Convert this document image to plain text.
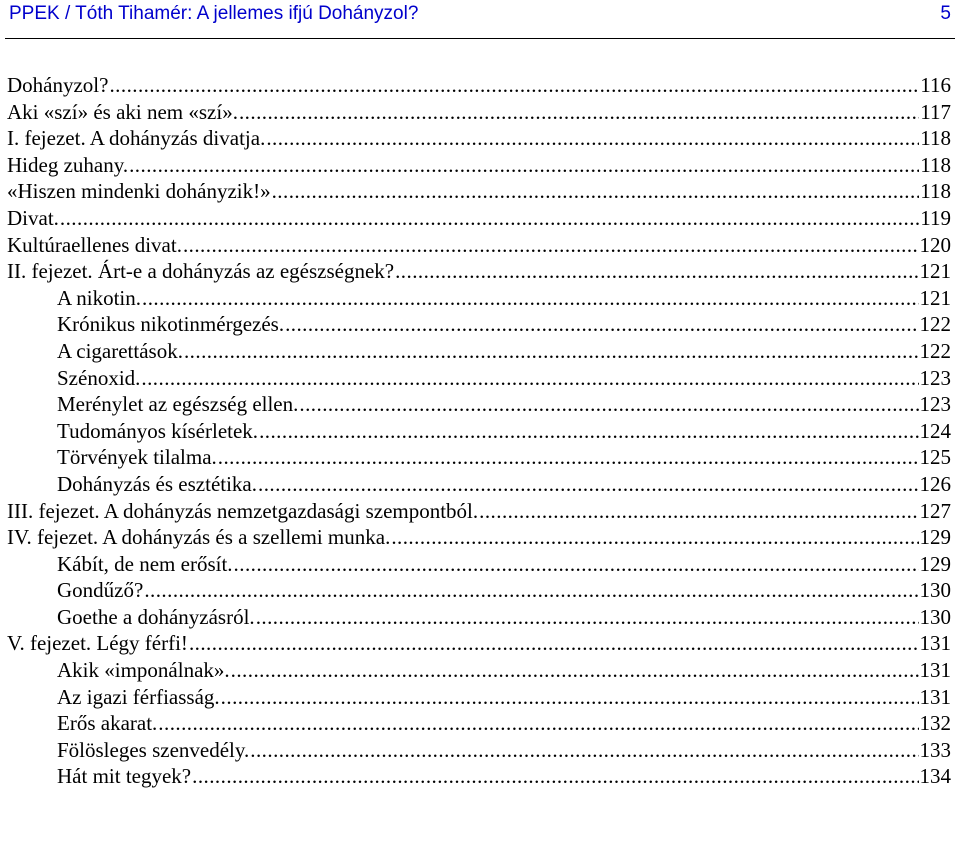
PPEK / Tóth Tihamér: A jellemes ifjú Dohányzol?	5
Dohányzol? . . .	116
Aki «szí» és aki nem «szí». . . .	117
I. fejezet. A dohányzás divatja. . . .	118
Hideg zuhany. . . .	118
«Hiszen mindenki dohányzik!» . . .	118
Divat. . . .	119
Kultúraellenes divat. . . .	120
II. fejezet. Árt-e a dohányzás az egészségnek? . . .	121
A nikotin. . . .	121
Krónikus nikotinmérgezés. . . .	122
A cigarettások. . . .	122
Szénoxid. . . .	123
Merénylet az egészség ellen. . . .	123
Tudományos kísérletek. . . .	124
Törvények tilalma. . . .	125
Dohányzás és esztétika. . . .	126
III. fejezet. A dohányzás nemzetgazdasági szempontból. . . .	127
IV. fejezet. A dohányzás és a szellemi munka. . . .	129
Kábít, de nem erősít. . . .	129
Gondűző? . . .	130
Goethe a dohányzásról. . . .	130
V. fejezet. Légy férfi! . . .	131
Akik «imponálnak». . . .	131
Az igazi férfiasság. . . .	131
Erős akarat. . . .	132
Fölösleges szenvedély. . . .	133
Hát mit tegyek? . . .	134
